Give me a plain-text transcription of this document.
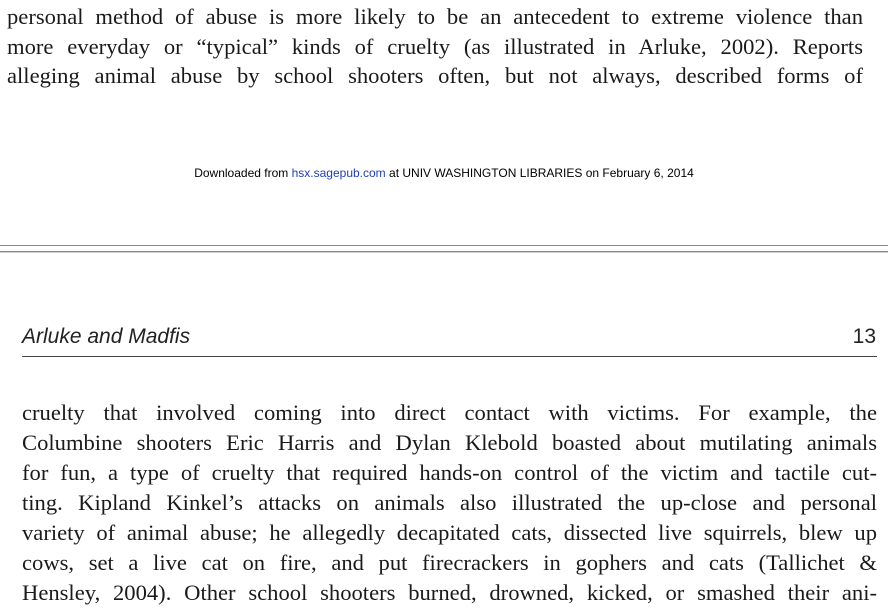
personal method of abuse is more likely to be an antecedent to extreme violence than
more everyday or “typical” kinds of cruelty (as illustrated in Arluke, 2002). Reports
alleging animal abuse by school shooters often, but not always, described forms of
Downloaded from hsx.sagepub.com at UNIV WASHINGTON LIBRARIES on February 6, 2014
Arluke and Madfis	13
cruelty that involved coming into direct contact with victims. For example, the
Columbine shooters Eric Harris and Dylan Klebold boasted about mutilating animals
for fun, a type of cruelty that required hands-on control of the victim and tactile cut-
ting. Kipland Kinkel’s attacks on animals also illustrated the up-close and personal
variety of animal abuse; he allegedly decapitated cats, dissected live squirrels, blew up
cows, set a live cat on fire, and put firecrackers in gophers and cats (Tallichet &
Hensley, 2004). Other school shooters burned, drowned, kicked, or smashed their ani-
